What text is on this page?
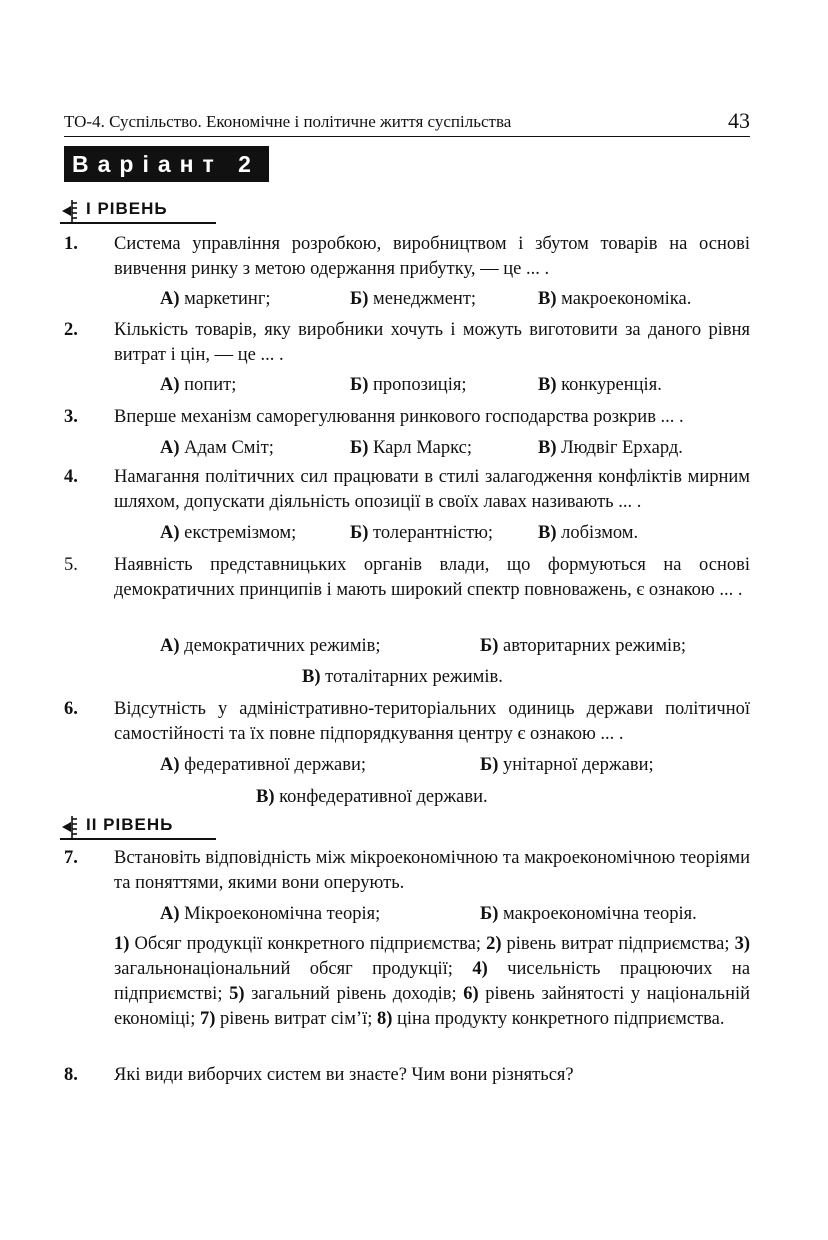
ТО-4. Суспільство. Економічне і політичне життя суспільства	43
Варіант 2
І РІВЕНЬ
1. Система управління розробкою, виробництвом і збутом товарів на основі вивчення ринку з метою одержання прибутку, — це ... .
А) маркетинг;	Б) менеджмент;	В) макроекономіка.
2. Кількість товарів, яку виробники хочуть і можуть виготовити за даного рівня витрат і цін, — це ... .
А) попит;	Б) пропозиція;	В) конкуренція.
3. Вперше механізм саморегулювання ринкового господарства розкрив ... .
А) Адам Сміт;	Б) Карл Маркс;	В) Людвіг Ерхард.
4. Намагання політичних сил працювати в стилі залагодження конфліктів мирним шляхом, допускати діяльність опозиції в своїх лавах називають ... .
А) екстремізмом;	Б) толерантністю; В) лобізмом.
5. Наявність представницьких органів влади, що формуються на основі демократичних принципів і мають широкий спектр повноважень, є ознакою ... .
А) демократичних режимів;	Б) авторитарних режимів;
В) тоталітарних режимів.
6. Відсутність у адміністративно-територіальних одиниць держави політичної самостійності та їх повне підпорядкування центру є ознакою ... .
А) федеративної держави;	Б) унітарної держави;
В) конфедеративної держави.
ІІ РІВЕНЬ
7. Встановіть відповідність між мікроекономічною та макроекономічною теоріями та поняттями, якими вони оперують.
А) Мікроекономічна теорія;	Б) макроекономічна теорія.
1) Обсяг продукції конкретного підприємства; 2) рівень витрат підприємства; 3) загальнонаціональний обсяг продукції; 4) чисельність працюючих на підприємстві; 5) загальний рівень доходів; 6) рівень зайнятості у національній економіці; 7) рівень витрат сім’ї; 8) ціна продукту конкретного підприємства.
8. Які види виборчих систем ви знаєте? Чим вони різняться?
